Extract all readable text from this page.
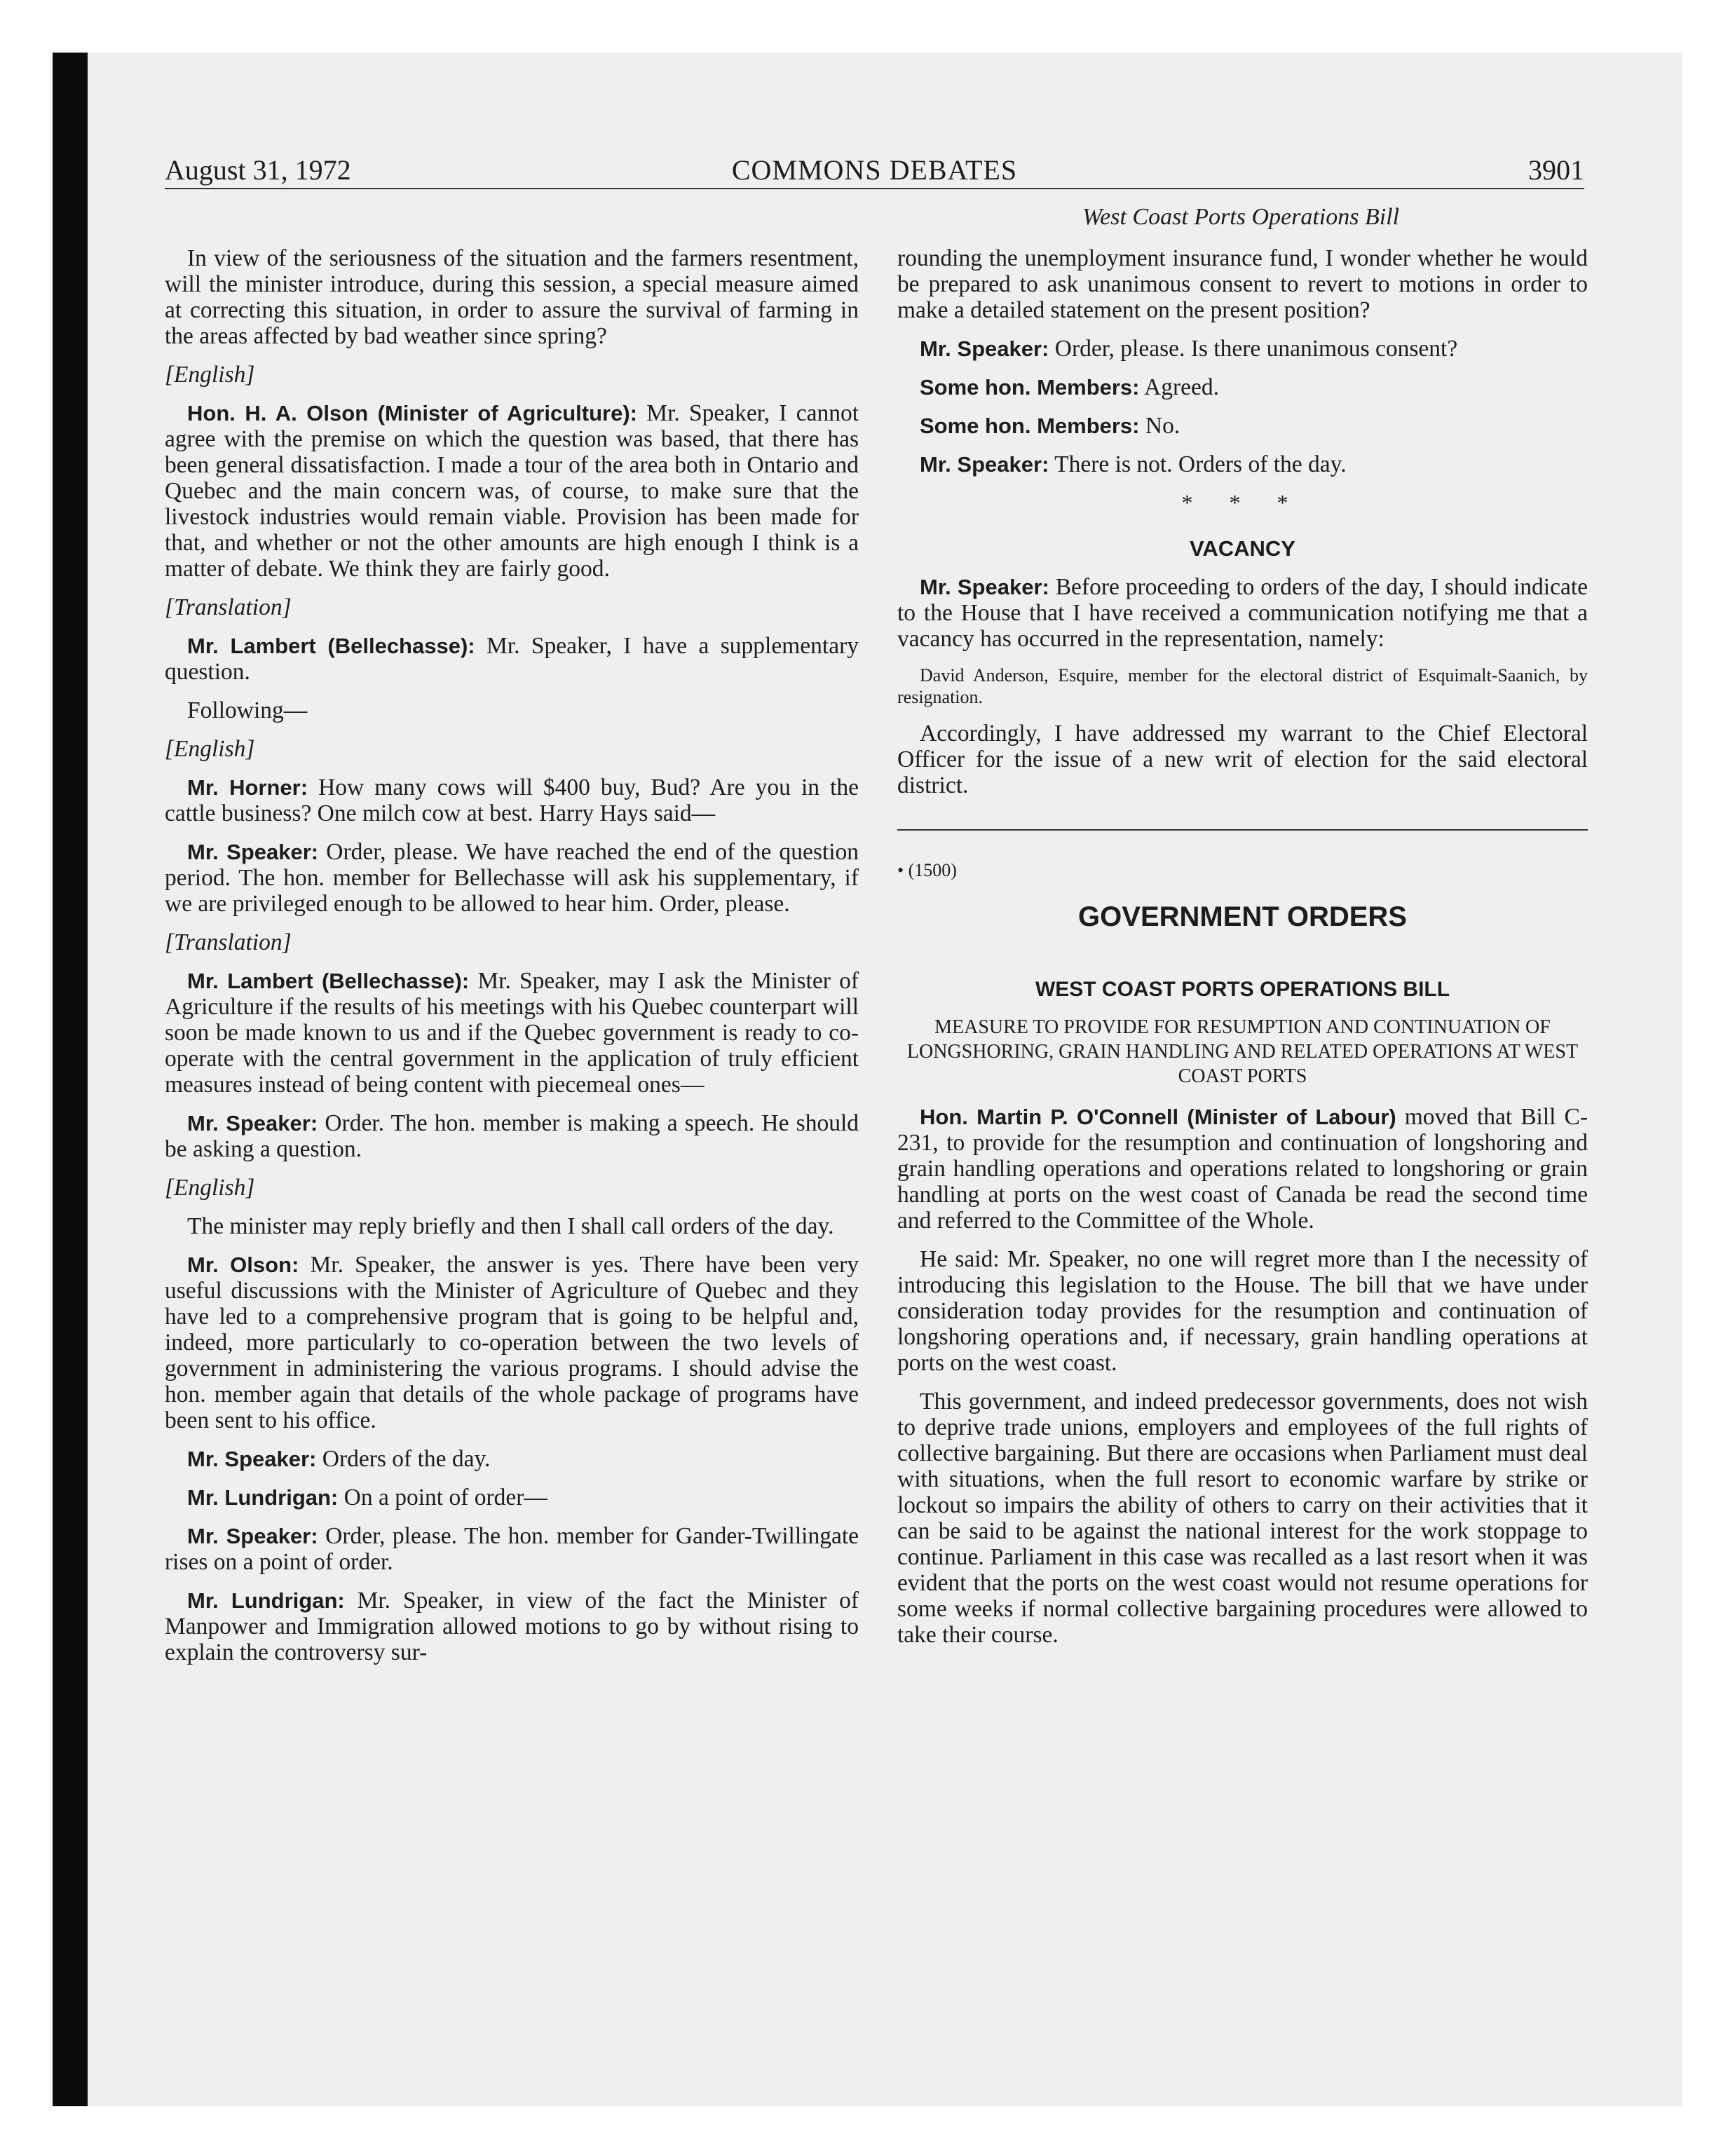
August 31, 1972	COMMONS DEBATES	3901
West Coast Ports Operations Bill

In view of the seriousness of the situation and the farmers resentment, will the minister introduce, during this session, a special measure aimed at correcting this situation, in order to assure the survival of farming in the areas affected by bad weather since spring?

[English]

Hon. H. A. Olson (Minister of Agriculture): Mr. Speaker, I cannot agree with the premise on which the question was based, that there has been general dissatisfaction. I made a tour of the area both in Ontario and Quebec and the main concern was, of course, to make sure that the livestock industries would remain viable. Provision has been made for that, and whether or not the other amounts are high enough I think is a matter of debate. We think they are fairly good.

[Translation]

Mr. Lambert (Bellechasse): Mr. Speaker, I have a supplementary question.

Following—

[English]

Mr. Horner: How many cows will $400 buy, Bud? Are you in the cattle business? One milch cow at best. Harry Hays said—

Mr. Speaker: Order, please. We have reached the end of the question period. The hon. member for Bellechasse will ask his supplementary, if we are privileged enough to be allowed to hear him. Order, please.

[Translation]

Mr. Lambert (Bellechasse): Mr. Speaker, may I ask the Minister of Agriculture if the results of his meetings with his Quebec counterpart will soon be made known to us and if the Quebec government is ready to co-operate with the central government in the application of truly efficient measures instead of being content with piecemeal ones—

Mr. Speaker: Order. The hon. member is making a speech. He should be asking a question.

[English]

The minister may reply briefly and then I shall call orders of the day.

Mr. Olson: Mr. Speaker, the answer is yes. There have been very useful discussions with the Minister of Agriculture of Quebec and they have led to a comprehensive program that is going to be helpful and, indeed, more particularly to co-operation between the two levels of government in administering the various programs. I should advise the hon. member again that details of the whole package of programs have been sent to his office.

Mr. Speaker: Orders of the day.

Mr. Lundrigan: On a point of order—

Mr. Speaker: Order, please. The hon. member for Gander-Twillingate rises on a point of order.

Mr. Lundrigan: Mr. Speaker, in view of the fact the Minister of Manpower and Immigration allowed motions to go by without rising to explain the controversy sur-

rounding the unemployment insurance fund, I wonder whether he would be prepared to ask unanimous consent to revert to motions in order to make a detailed statement on the present position?

Mr. Speaker: Order, please. Is there unanimous consent?

Some hon. Members: Agreed.

Some hon. Members: No.

Mr. Speaker: There is not. Orders of the day.

* * *
VACANCY

Mr. Speaker: Before proceeding to orders of the day, I should indicate to the House that I have received a communication notifying me that a vacancy has occurred in the representation, namely:

David Anderson, Esquire, member for the electoral district of Esquimalt-Saanich, by resignation.

Accordingly, I have addressed my warrant to the Chief Electoral Officer for the issue of a new writ of election for the said electoral district.

• (1500)
GOVERNMENT ORDERS
WEST COAST PORTS OPERATIONS BILL
MEASURE TO PROVIDE FOR RESUMPTION AND CONTINUATION OF LONGSHORING, GRAIN HANDLING AND RELATED OPERATIONS AT WEST COAST PORTS

Hon. Martin P. O'Connell (Minister of Labour) moved that Bill C-231, to provide for the resumption and continuation of longshoring and grain handling operations and operations related to longshoring or grain handling at ports on the west coast of Canada be read the second time and referred to the Committee of the Whole.

He said: Mr. Speaker, no one will regret more than I the necessity of introducing this legislation to the House. The bill that we have under consideration today provides for the resumption and continuation of longshoring operations and, if necessary, grain handling operations at ports on the west coast.

This government, and indeed predecessor governments, does not wish to deprive trade unions, employers and employees of the full rights of collective bargaining. But there are occasions when Parliament must deal with situations, when the full resort to economic warfare by strike or lockout so impairs the ability of others to carry on their activities that it can be said to be against the national interest for the work stoppage to continue. Parliament in this case was recalled as a last resort when it was evident that the ports on the west coast would not resume operations for some weeks if normal collective bargaining procedures were allowed to take their course.
